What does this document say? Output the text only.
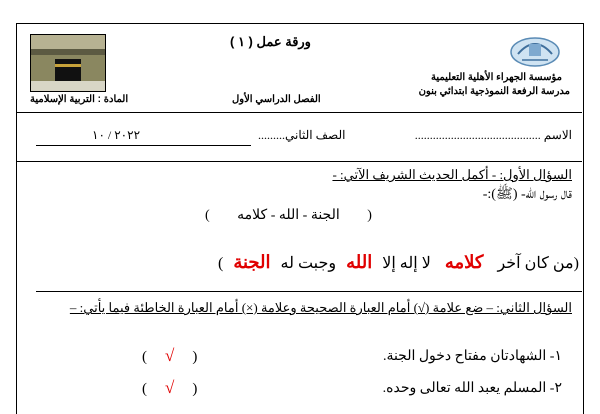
ورقة عمل ( ١ )
مؤسسة الجهراء الأهلية التعليمية
مدرسة الرفعة النموذجية ابتدائي بنون
الفصل الدراسي الأول
المادة : التربية الإسلامية
الاسم ..........................................
الصف الثاني.........
٢٠٢٢ / ١٠
السؤال الأول: - أكمل الحديث الشريف الآتي: -
قال رسول الله- (ﷺ):-
( الجنة - الله - كلامه )
(من كان آخر كلامه لا إله إلا الله وجبت له الجنة )
السؤال الثاني: – ضع علامة (√) أمام العبارة الصحيحة وعلامة (×) أمام العبارة الخاطئة فيما يأتي: –
١- الشهادتان مفتاح دخول الجنة.
( √ )
٢- المسلم يعبد الله تعالى وحده.
( √ )
